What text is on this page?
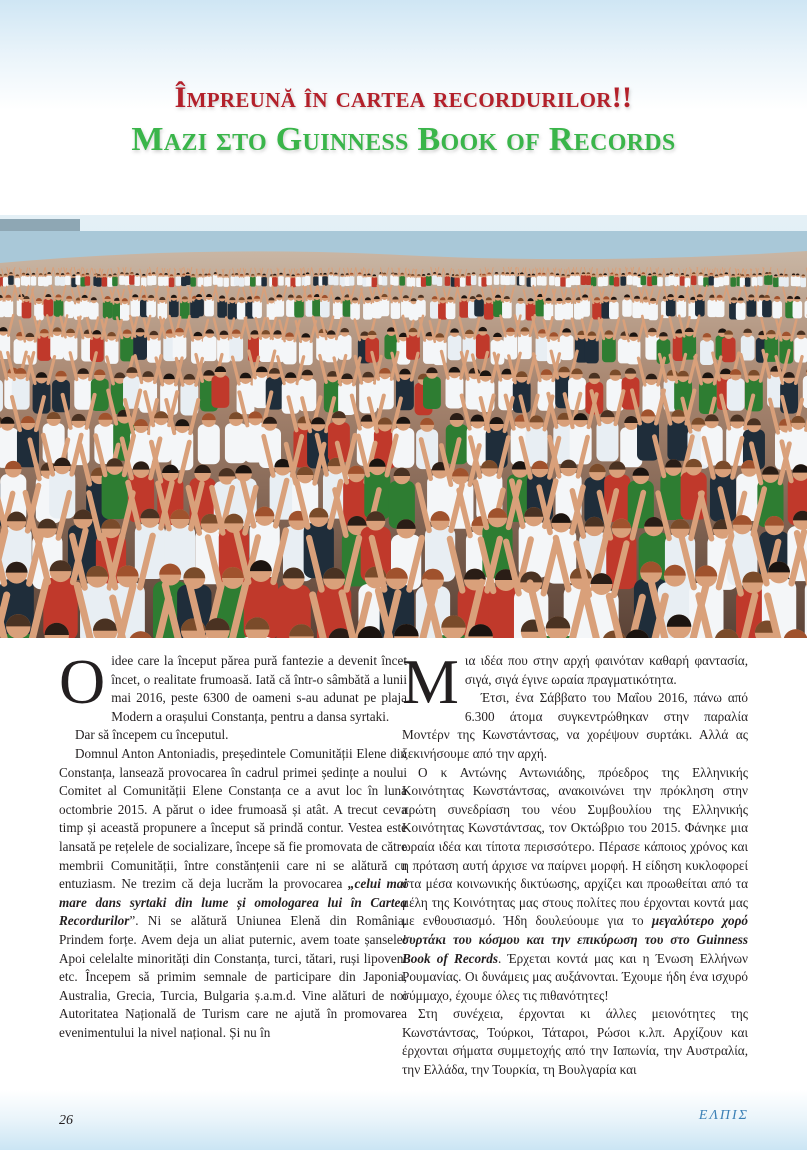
Împreună în cartea recordurilor!!
Mazi στο Guinness Book of Records

O idee care la început părea pură fantezie a devenit încet încet, o realitate frumoasă. Iată că într-o sâmbătă a lunii mai 2016, peste 6300 de oameni s-au adunat pe plaja Modern a orașului Constanța, pentru a dansa syrtaki.

Dar să începem cu începutul.

Domnul Anton Antoniadis, președintele Comunității Elene din Constanța, lansează provocarea în cadrul primei ședințe a noului Comitet al Comunității Elene Constanța ce a avut loc în luna octombrie 2015. A părut o idee frumoasă și atât. A trecut ceva timp și această propunere a început să prindă contur. Vestea este lansată pe rețelele de socializare, începe să fie promovata de către membrii Comunității, între constănțenii care ni se alătură cu entuziasm. Ne trezim că deja lucrăm la provocarea „celui mai mare dans syrtaki din lume și omologarea lui în Cartea Recordurilor”. Ni se alătură Uniunea Elenă din România. Prindem forțe. Avem deja un aliat puternic, avem toate șansele! Apoi celelalte minorități din Constanța, turci, tătari, ruși lipoveni etc. Începem să primim semnale de participare din Japonia, Australia, Grecia, Turcia, Bulgaria ș.a.m.d. Vine alături de noi Autoritatea Națională de Turism care ne ajută în promovarea evenimentului la nivel național. Și nu în

Μια ιδέα που στην αρχή φαινόταν καθαρή φαντασία, σιγά, σιγά έγινε ωραία πραγματικότητα.

Έτσι, ένα Σάββατο του Μαΐου 2016, πάνω από 6.300 άτομα συγκεντρώθηκαν στην παραλία Μοντέρν της Κωνστάντσας, να χορέψουν συρτάκι. Αλλά ας ξεκινήσουμε από την αρχή.

Ο κ Αντώνης Αντωνιάδης, πρόεδρος της Ελληνικής Κοινότητας Κωνστάντσας, ανακοινώνει την πρόκληση στην πρώτη συνεδρίαση του νέου Συμβουλίου της Ελληνικής Κοινότητας Κωνστάντσας, τον Οκτώβριο του 2015. Φάνηκε μια ωραία ιδέα και τίποτα περισσότερο. Πέρασε κάποιος χρόνος και η πρόταση αυτή άρχισε να παίρνει μορφή. Η είδηση κυκλοφορεί στα μέσα κοινωνικής δικτύωσης, αρχίζει και προωθείται από τα μέλη της Κοινότητας μας στους πολίτες που έρχονται κοντά μας με ενθουσιασμό. Ήδη δουλεύουμε για το μεγαλύτερο χορό συρτάκι του κόσμου και την επικύρωση του στο Guinness Book of Records. Έρχεται κοντά μας και η Ένωση Ελλήνων Ρουμανίας. Οι δυνάμεις μας αυξάνονται. Έχουμε ήδη ένα ισχυρό σύμμαχο, έχουμε όλες τις πιθανότητες!

Στη συνέχεια, έρχονται κι άλλες μειονότητες της Κωνστάντσας, Τούρκοι, Τάταροι, Ρώσοι κ.λπ. Αρχίζουν και έρχονται σήματα συμμετοχής από την Ιαπωνία, την Αυστραλία, την Ελλάδα, την Τουρκία, τη Βουλγαρία και

26	ΕΛΠΙΣ
